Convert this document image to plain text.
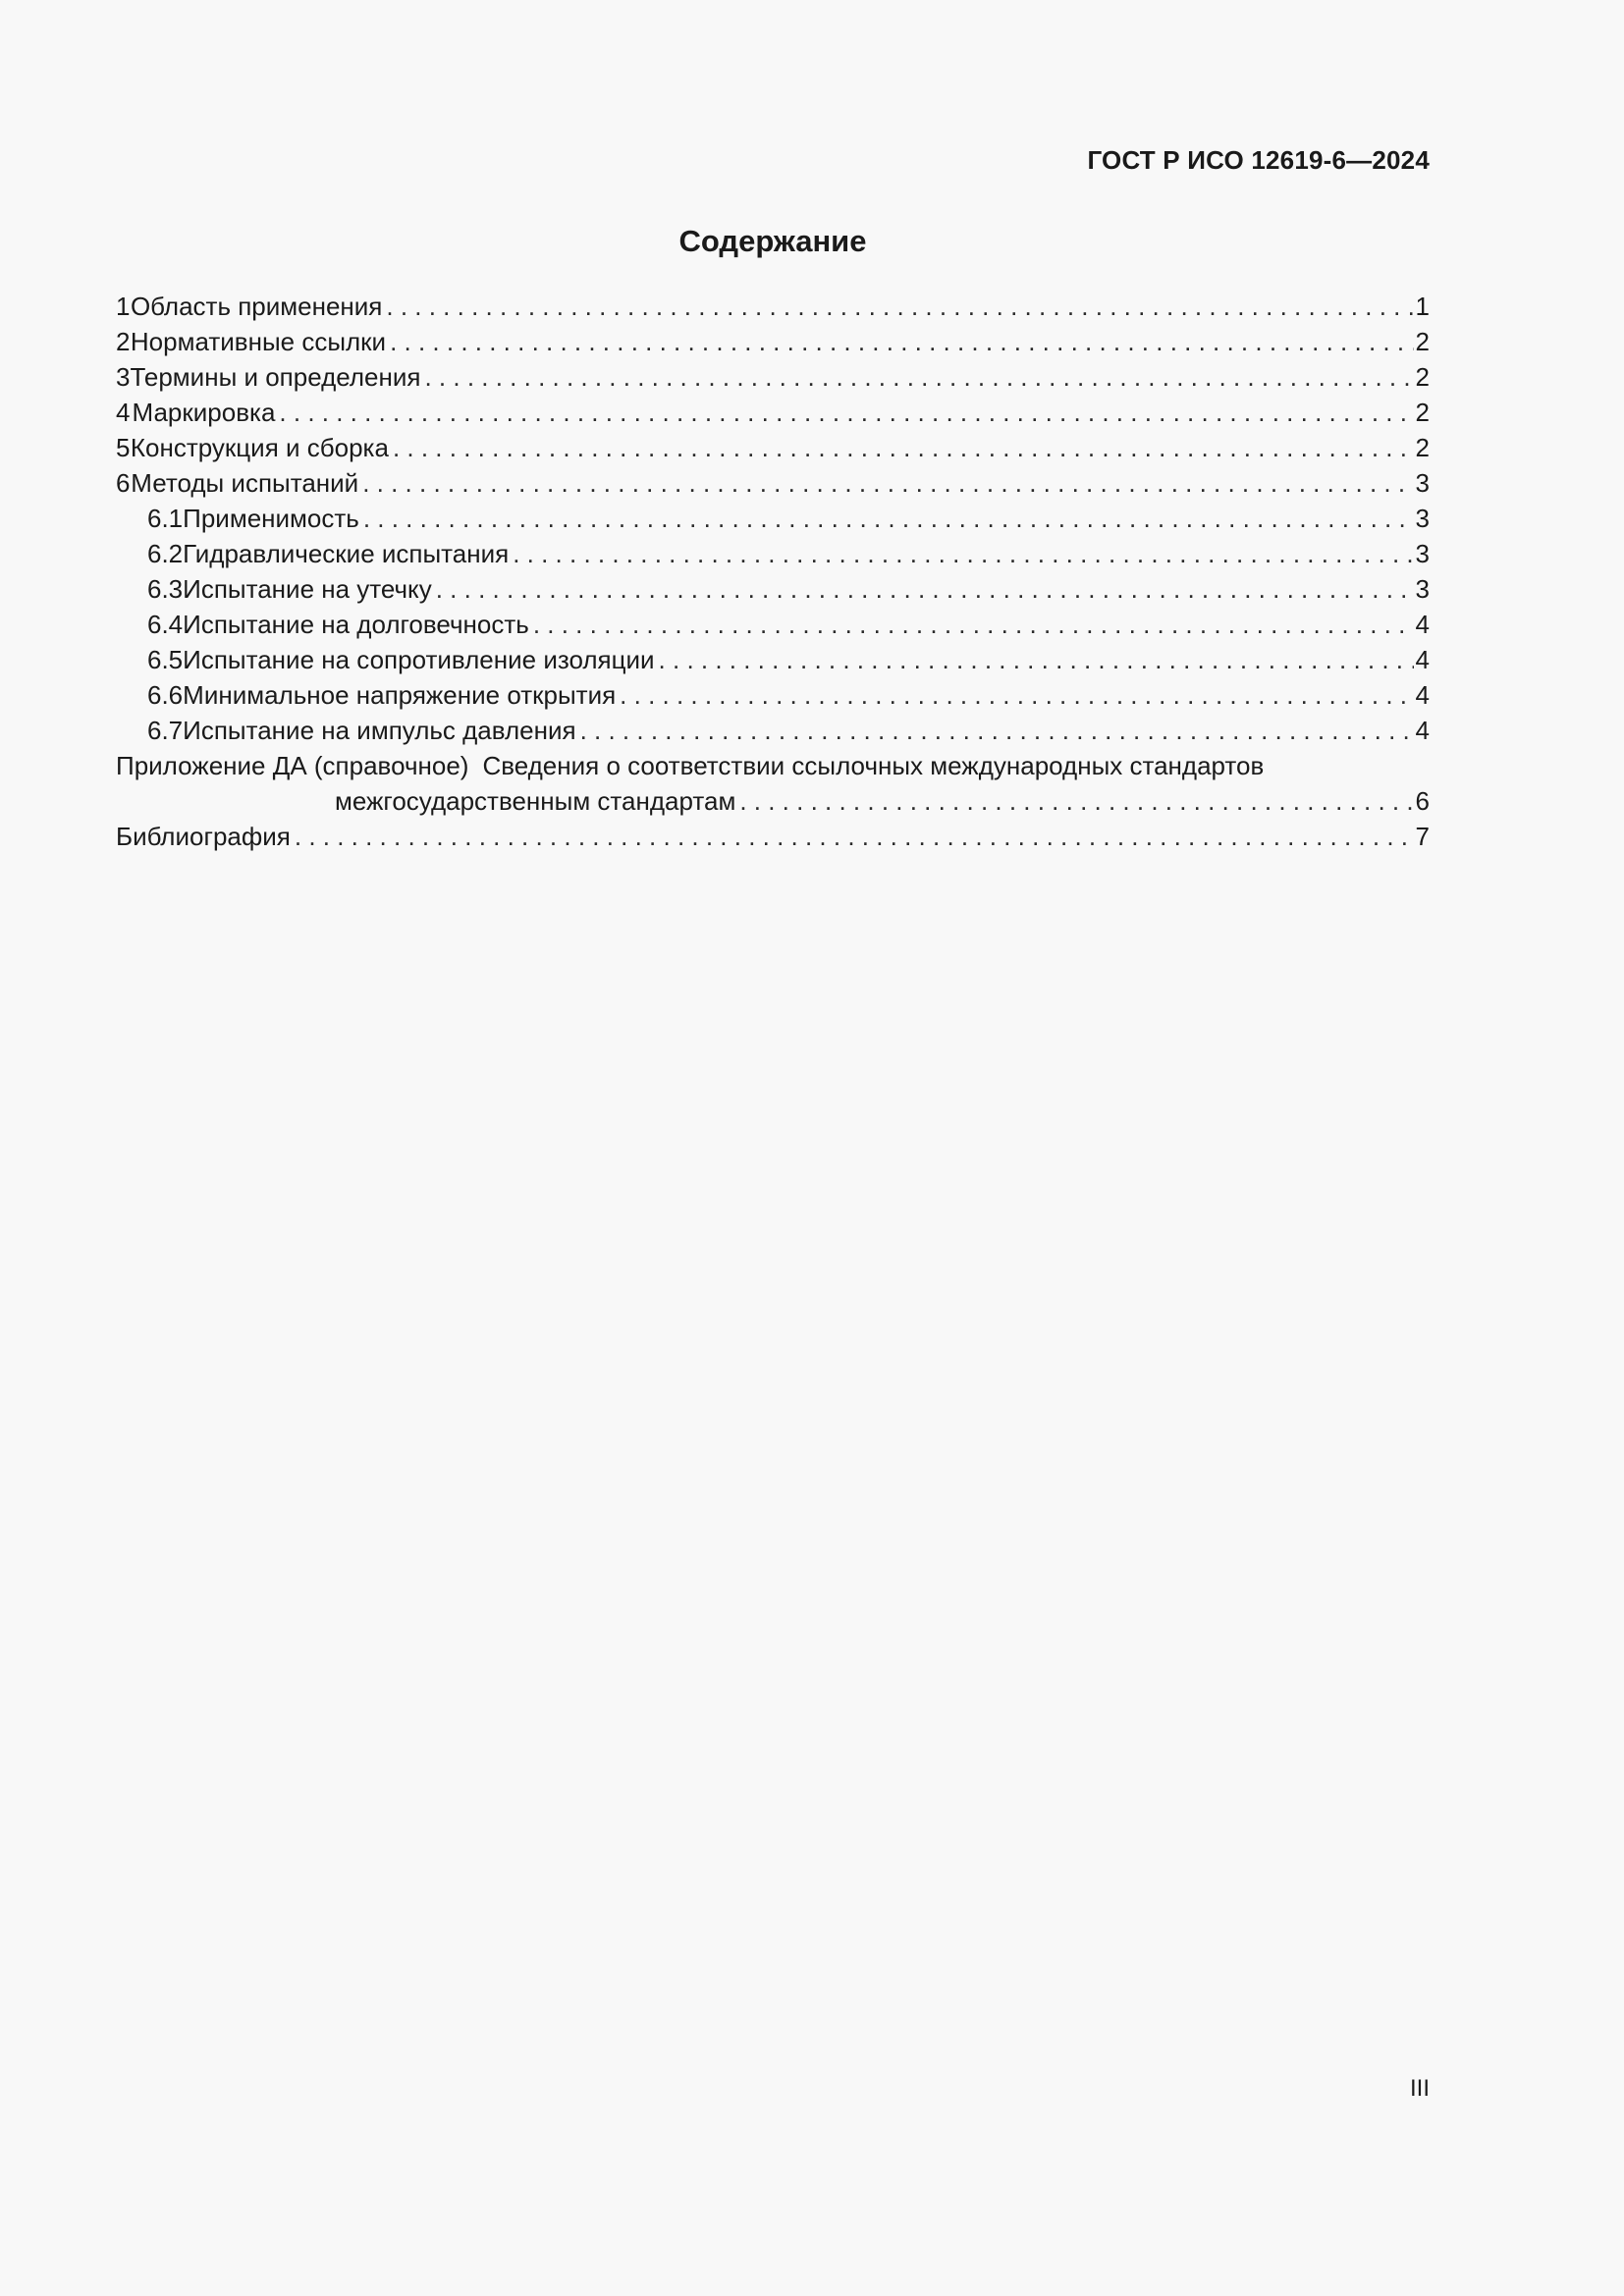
ГОСТ Р ИСО 12619-6—2024
Содержание
1 Область применения . . .	1
2 Нормативные ссылки . . .	2
3 Термины и определения . . .	2
4 Маркировка . . .	2
5 Конструкция и сборка . . .	2
6 Методы испытаний . . .	3
6.1 Применимость . . .	3
6.2 Гидравлические испытания . . .	3
6.3 Испытание на утечку . . .	3
6.4 Испытание на долговечность . . .	4
6.5 Испытание на сопротивление изоляции . . .	4
6.6 Минимальное напряжение открытия . . .	4
6.7 Испытание на импульс давления . . .	4
Приложение ДА (справочное) Сведения о соответствии ссылочных международных стандартов
межгосударственным стандартам . . .	6
Библиография . . .	7
III
